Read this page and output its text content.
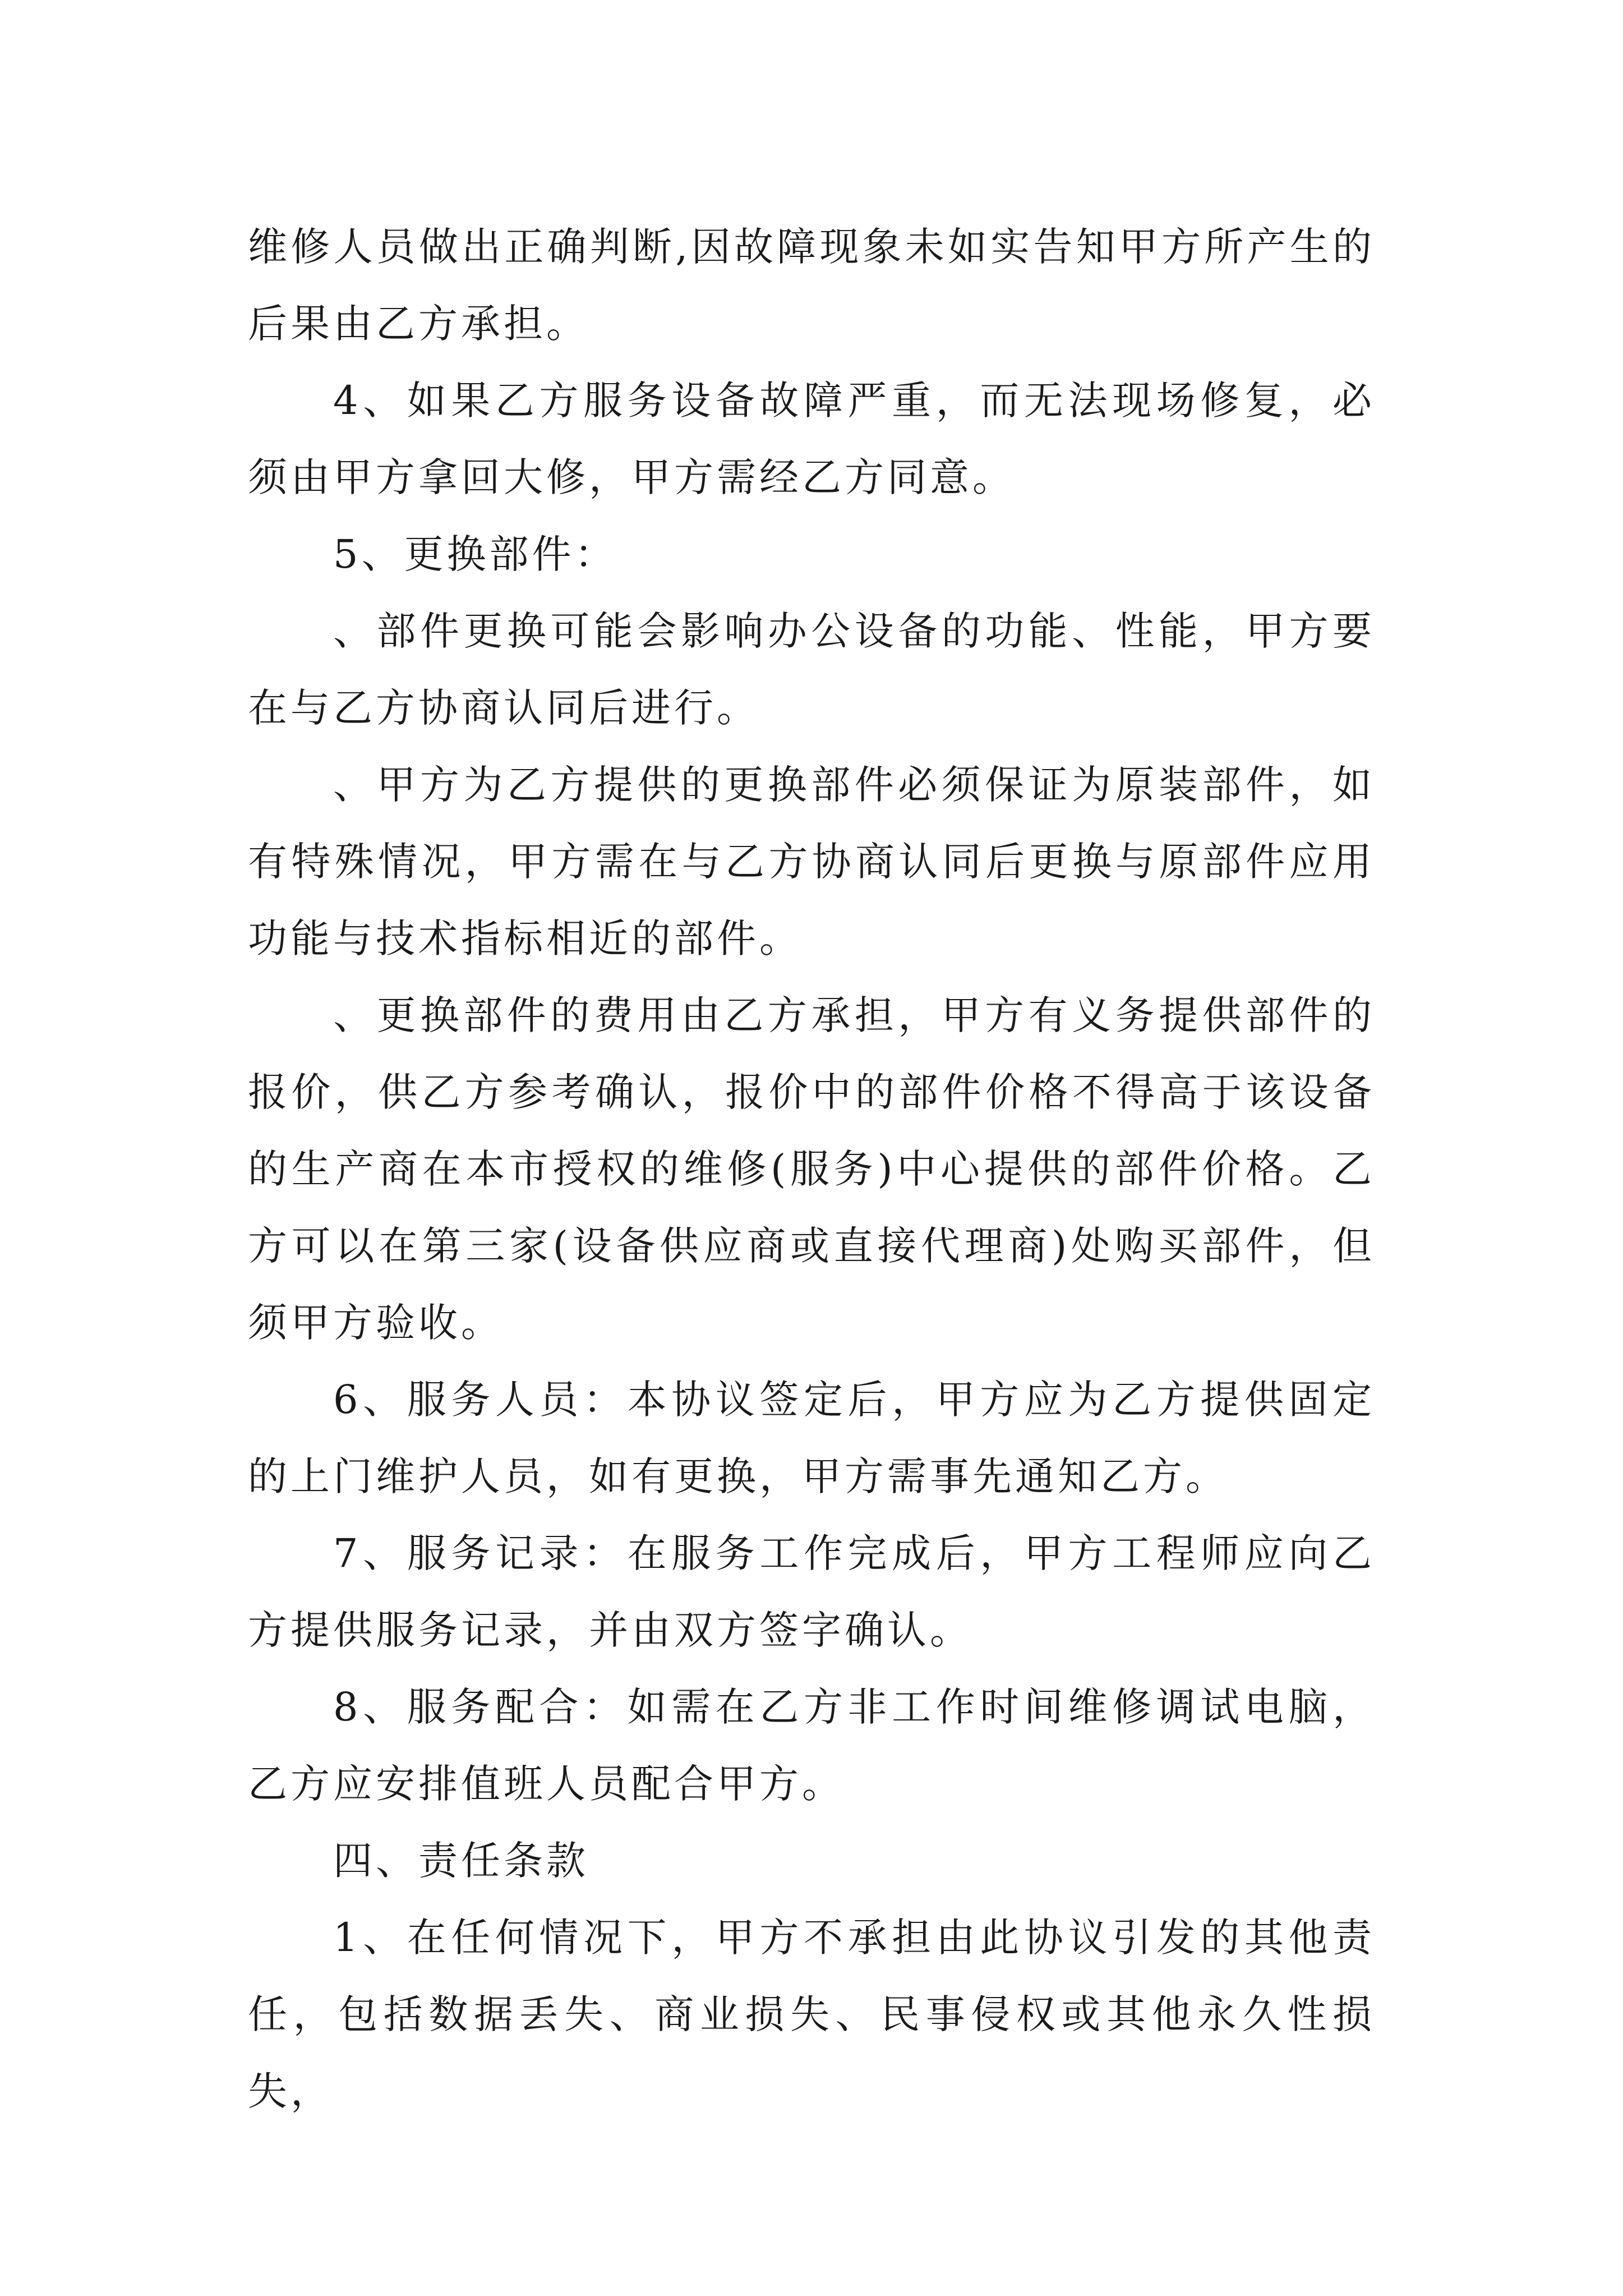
维修人员做出正确判断,因故障现象未如实告知甲方所产生的后果由乙方承担。

4、如果乙方服务设备故障严重，而无法现场修复，必须由甲方拿回大修，甲方需经乙方同意。

5、更换部件：

、部件更换可能会影响办公设备的功能、性能，甲方要在与乙方协商认同后进行。

、甲方为乙方提供的更换部件必须保证为原装部件，如有特殊情况，甲方需在与乙方协商认同后更换与原部件应用功能与技术指标相近的部件。

、更换部件的费用由乙方承担，甲方有义务提供部件的报价，供乙方参考确认，报价中的部件价格不得高于该设备的生产商在本市授权的维修(服务)中心提供的部件价格。乙方可以在第三家(设备供应商或直接代理商)处购买部件，但须甲方验收。

6、服务人员：本协议签定后，甲方应为乙方提供固定的上门维护人员，如有更换，甲方需事先通知乙方。

7、服务记录：在服务工作完成后，甲方工程师应向乙方提供服务记录，并由双方签字确认。

8、服务配合：如需在乙方非工作时间维修调试电脑，乙方应安排值班人员配合甲方。

四、责任条款

1、在任何情况下，甲方不承担由此协议引发的其他责任，包括数据丢失、商业损失、民事侵权或其他永久性损失，
